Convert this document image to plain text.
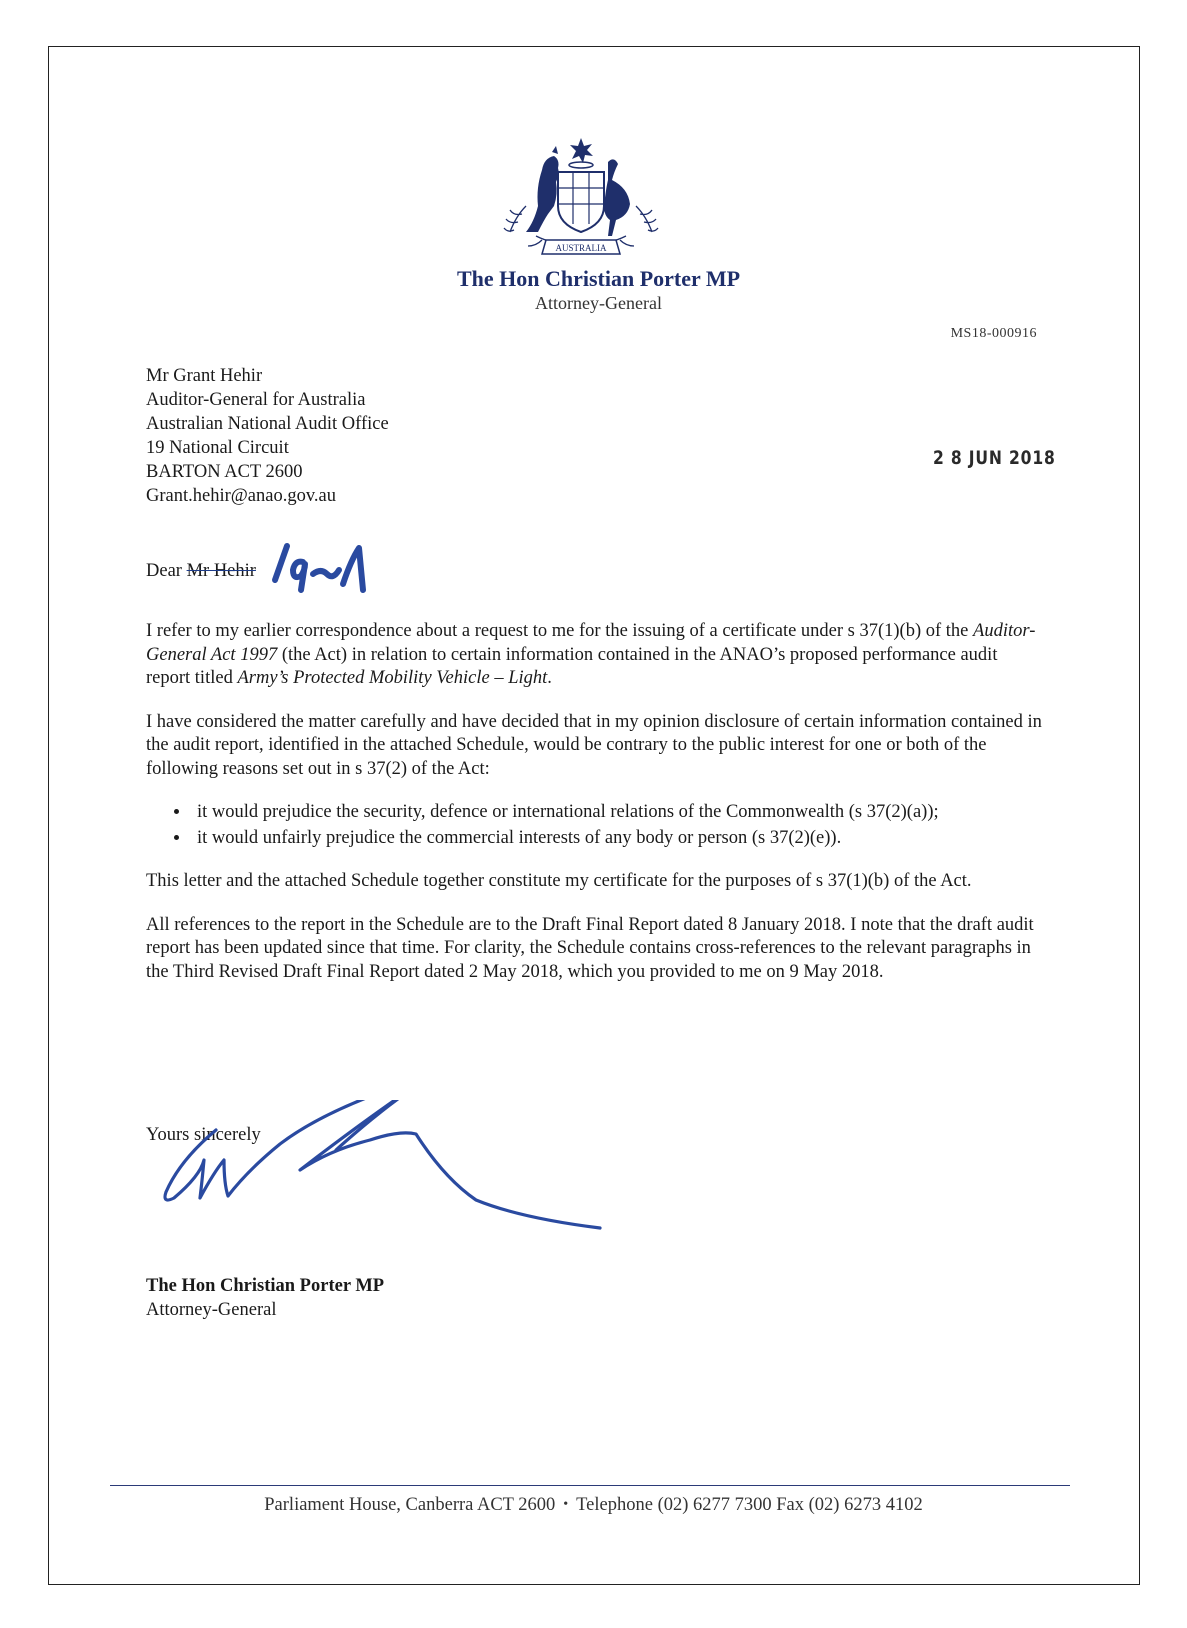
AUSTRALIA
The Hon Christian Porter MP
Attorney-General
MS18-000916
Mr Grant Hehir
Auditor-General for Australia
Australian National Audit Office
19 National Circuit
BARTON ACT 2600
Grant.hehir@anao.gov.au
2 8 JUN 2018
Dear Mr Hehir

I refer to my earlier correspondence about a request to me for the issuing of a certificate under s 37(1)(b) of the Auditor-General Act 1997 (the Act) in relation to certain information contained in the ANAO’s proposed performance audit report titled Army’s Protected Mobility Vehicle – Light.

I have considered the matter carefully and have decided that in my opinion disclosure of certain information contained in the audit report, identified in the attached Schedule, would be contrary to the public interest for one or both of the following reasons set out in s 37(2) of the Act:

• it would prejudice the security, defence or international relations of the Commonwealth (s 37(2)(a));
• it would unfairly prejudice the commercial interests of any body or person (s 37(2)(e)).

This letter and the attached Schedule together constitute my certificate for the purposes of s 37(1)(b) of the Act.

All references to the report in the Schedule are to the Draft Final Report dated 8 January 2018. I note that the draft audit report has been updated since that time. For clarity, the Schedule contains cross-references to the relevant paragraphs in the Third Revised Draft Final Report dated 2 May 2018, which you provided to me on 9 May 2018.

Yours sincerely
The Hon Christian Porter MP
Attorney-General
Parliament House, Canberra ACT 2600 • Telephone (02) 6277 7300 Fax (02) 6273 4102
